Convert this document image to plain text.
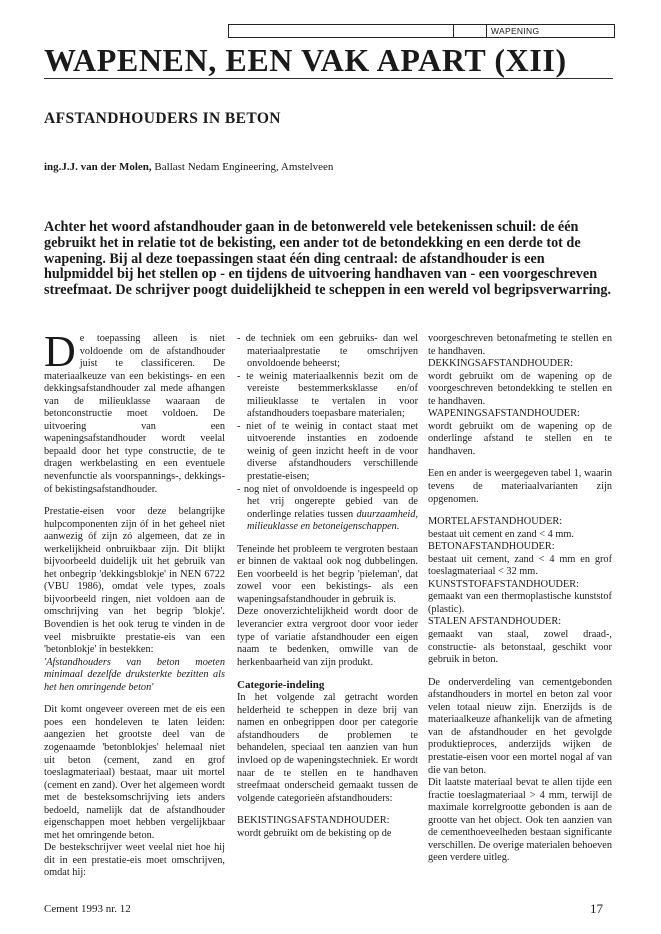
WAPENING
WAPENEN, EEN VAK APART (XII)
AFSTANDHOUDERS IN BETON
ing.J.J. van der Molen, Ballast Nedam Engineering, Amstelveen

Achter het woord afstandhouder gaan in de betonwereld vele betekenissen schuil: de één gebruikt het in relatie tot de bekisting, een ander tot de betondekking en een derde tot de wapening. Bij al deze toepassingen staat één ding centraal: de afstandhouder is een hulpmiddel bij het stellen op - en tijdens de uitvoering handhaven van - een voorgeschreven streefmaat. De schrijver poogt duidelijkheid te scheppen in een wereld vol begripsverwarring.

De toepassing alleen is niet voldoende om de afstandhouder juist te classificeren. De materiaalkeuze van een bekistings- en een dekkingsafstandhouder zal mede afhangen van de milieuklasse waaraan de betonconstructie moet voldoen. De uitvoering van een wapeningsafstandhouder wordt veelal bepaald door het type constructie, de te dragen werkbelasting en een eventuele nevenfunctie als voorspannings-, dekkings- of bekistingsafstandhouder.

Prestatie-eisen voor deze belangrijke hulpcomponenten zijn óf in het geheel niet aanwezig óf zijn zó algemeen, dat ze in werkelijkheid onbruikbaar zijn. Dit blijkt bijvoorbeeld duidelijk uit het gebruik van het onbegrip 'dekkingsblokje' in NEN 6722 (VBU 1986), omdat vele types, zoals bijvoorbeeld ringen, niet voldoen aan de omschrijving van het begrip 'blokje'. Bovendien is het ook terug te vinden in de veel misbruikte prestatie-eis van een 'betonblokje' in bestekken:

'Afstandhouders van beton moeten minimaal dezelfde druksterkte bezitten als het hen omringende beton'

Dit komt ongeveer overeen met de eis een poes een hondeleven te laten leiden: aangezien het grootste deel van de zogenaamde 'betonblokjes' helemaal niet uit beton (cement, zand en grof toeslagmateriaal) bestaat, maar uit mortel (cement en zand). Over het algemeen wordt met de besteksomschrijving iets anders bedoeld, namelijk dat de afstandhouder eigenschappen moet hebben vergelijkbaar met het omringende beton.

De bestekschrijver weet veelal niet hoe hij dit in een prestatie-eis moet omschrijven, omdat hij:

- de techniek om een gebruiks- dan wel materiaalprestatie te omschrijven onvoldoende beheerst;
- te weinig materiaalkennis bezit om de vereiste bestemmerksklasse en/of milieuklasse te vertalen in voor afstandhouders toepasbare materialen;
- niet of te weinig in contact staat met uitvoerende instanties en zodoende weinig of geen inzicht heeft in de voor diverse afstandhouders verschillende prestatie-eisen;
- nog niet of onvoldoende is ingespeeld op het vrij ongerepte gebied van de onderlinge relaties tussen duurzaamheid, milieuklasse en betoneigenschappen.

Teneinde het probleem te vergroten bestaan er binnen de vaktaal ook nog dubbelingen. Een voorbeeld is het begrip 'pieleman', dat zowel voor een bekistings- als een wapeningsafstandhouder in gebruik is.

Deze onoverzichtelijkheid wordt door de leverancier extra vergroot door voor ieder type of variatie afstandhouder een eigen naam te bedenken, omwille van de herkenbaarheid van zijn produkt.

Categorie-indeling

In het volgende zal getracht worden helderheid te scheppen in deze brij van namen en onbegrippen door per categorie afstandhouders de problemen te behandelen, speciaal ten aanzien van hun invloed op de wapeningstechniek. Er wordt naar de te stellen en te handhaven streefmaat onderscheid gemaakt tussen de volgende categorieën afstandhouders:

BEKISTINGSAFSTANDHOUDER:
wordt gebruikt om de bekisting op de
voorgeschreven betonafmeting te stellen en te handhaven.
DEKKINGSAFSTANDHOUDER:
wordt gebruikt om de wapening op de voorgeschreven betondekking te stellen en te handhaven.
WAPENINGSAFSTANDHOUDER:

wordt gebruikt om de wapening op de onderlinge afstand te stellen en te handhaven.

Een en ander is weergegeven tabel 1, waarin tevens de materiaalvarianten zijn opgenomen.

MORTELAFSTANDHOUDER:
bestaat uit cement en zand < 4 mm.
BETONAFSTANDHOUDER:
bestaat uit cement, zand < 4 mm en grof toeslagmateriaal < 32 mm.
KUNSTSTOFAFSTANDHOUDER:
gemaakt van een thermoplastische kunststof (plastic).
STALEN AFSTANDHOUDER:

gemaakt van staal, zowel draad-, constructie- als betonstaal, geschikt voor gebruik in beton.

De onderverdeling van cementgebonden afstandhouders in mortel en beton zal voor velen totaal nieuw zijn. Enerzijds is de materiaalkeuze afhankelijk van de afmeting van de afstandhouder en het gevolgde produktieproces, anderzijds wijken de prestatie-eisen voor een mortel nogal af van die van beton.

Dit laatste materiaal bevat te allen tijde een fractie toeslagmateriaal > 4 mm, terwijl de maximale korrelgrootte gebonden is aan de grootte van het object. Ook ten aanzien van de cementhoeveelheden bestaan significante verschillen. De overige materialen behoeven geen verdere uitleg.

Cement 1993 nr. 12	17
